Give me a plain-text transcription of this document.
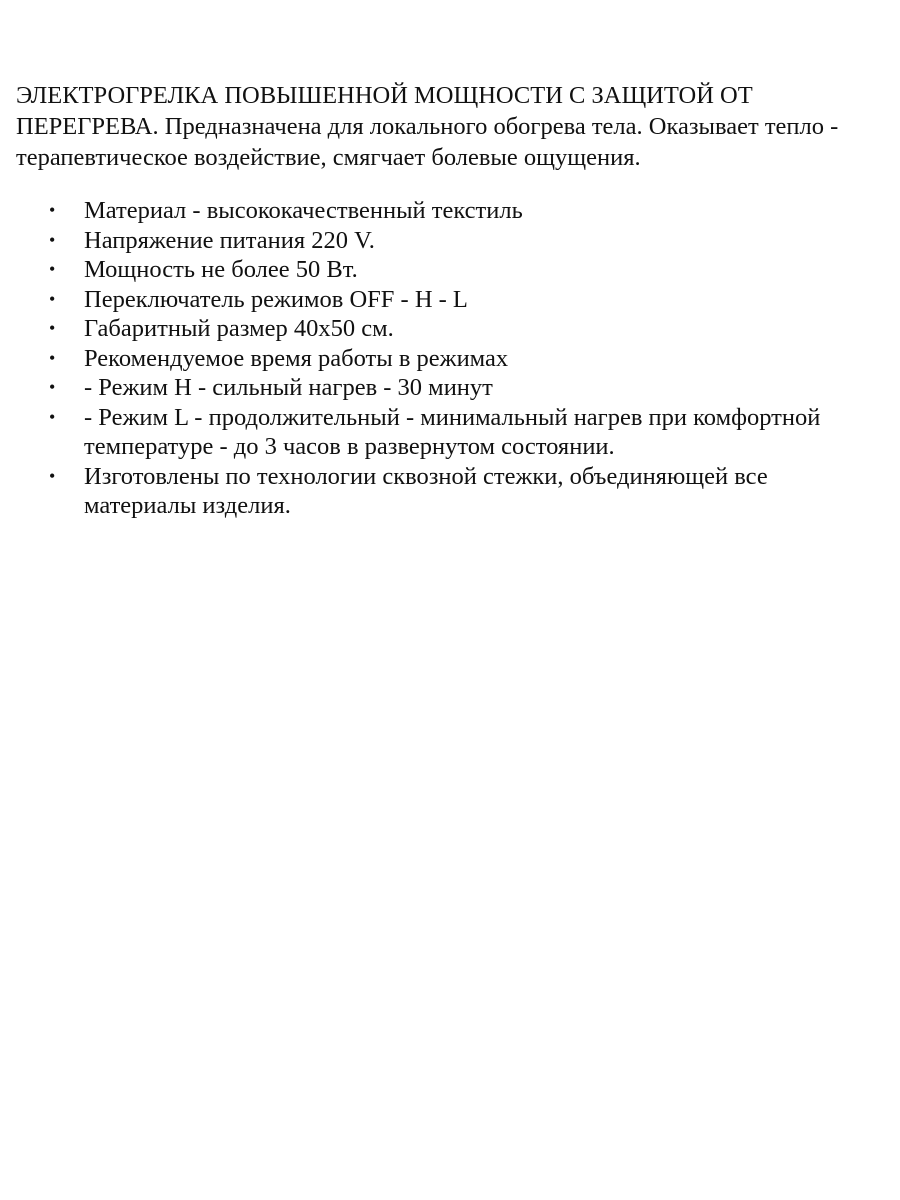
ЭЛЕКТРОГРЕЛКА ПОВЫШЕННОЙ МОЩНОСТИ С ЗАЩИТОЙ ОТ ПЕРЕГРЕВА. Предназначена для локального обогрева тела. Оказывает тепло - терапевтическое воздействие, смягчает болевые ощущения.

• Материал - высококачественный текстиль
• Напряжение питания 220 V.
• Мощность не более 50 Вт.
• Переключатель режимов OFF - H - L
• Габаритный размер 40х50 см.
• Рекомендуемое время работы в режимах
• - Режим H - сильный нагрев - 30 минут
• - Режим L - продолжительный - минимальный нагрев при комфортной температуре - до 3 часов в развернутом состоянии.
• Изготовлены по технологии сквозной стежки, объединяющей все материалы изделия.
